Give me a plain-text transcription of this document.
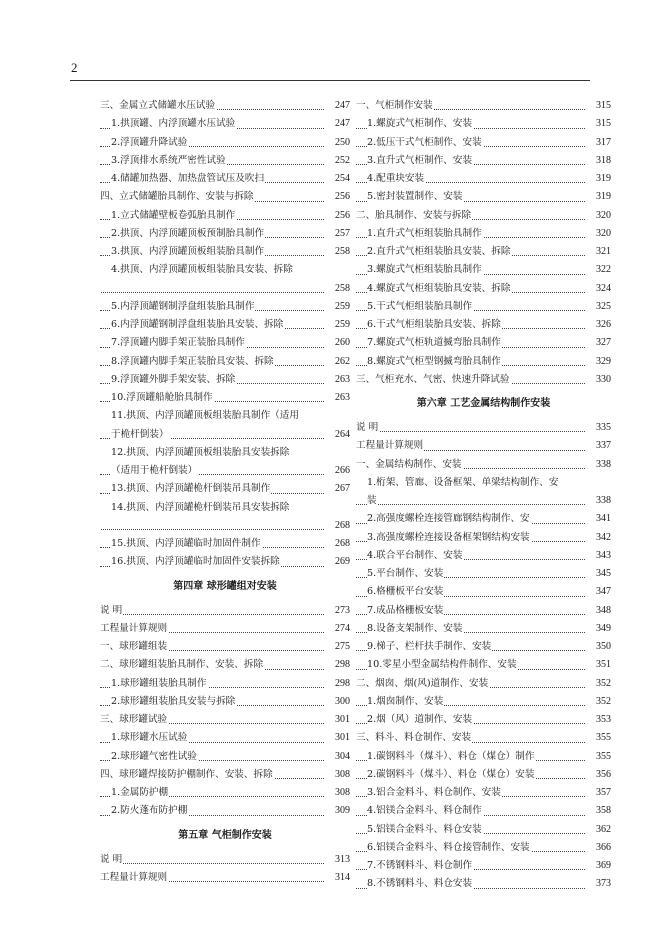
2
三、金属立式储罐水压试验	247
1.拱顶罐、内浮顶罐水压试验	247
2.浮顶罐升降试验	250
3.浮顶排水系统严密性试验	252
4.储罐加热器、加热盘管试压及吹扫	254
四、立式储罐胎具制作、安装与拆除	256
1.立式储罐壁板卷弧胎具制作	256
2.拱顶、内浮顶罐顶板预制胎具制作	257
3.拱顶、内浮顶罐顶板组装胎具制作	258
4.拱顶、内浮顶罐顶板组装胎具安装、拆除
258
5.内浮顶罐钢制浮盘组装胎具制作	259
6.内浮顶罐钢制浮盘组装胎具安装、拆除	259
7.浮顶罐内脚手架正装胎具制作	260
8.浮顶罐内脚手架正装胎具安装、拆除	262
9.浮顶罐外脚手架安装、拆除	263
10.浮顶罐船舱胎具制作	263
11.拱顶、内浮顶罐顶板组装胎具制作（适用
于桅杆倒装）	264
12.拱顶、内浮顶罐顶板组装胎具安装拆除
（适用于桅杆倒装）	266
13.拱顶、内浮顶罐桅杆倒装吊具制作	267
14.拱顶、内浮顶罐桅杆倒装吊具安装拆除
268
15.拱顶、内浮顶罐临时加固件制作	268
16.拱顶、内浮顶罐临时加固件安装拆除	269
第四章 球形罐组对安装
说 明	273
工程量计算规则	274
一、球形罐组装	275
二、球形罐组装胎具制作、安装、拆除	298
1.球形罐组装胎具制作	298
2.球形罐组装胎具安装与拆除	300
三、球形罐试验	301
1.球形罐水压试验	301
2.球形罐气密性试验	304
四、球形罐焊接防护棚制作、安装、拆除	308
1.金属防护棚	308
2.防火蓬布防护棚	309
第五章 气柜制作安装
说 明	313
工程量计算规则	314
一、气柜制作安装	315
1.螺旋式气柜制作、安装	315
2.低压干式气柜制作、安装	317
3.直升式气柜制作、安装	318
4.配重块安装	319
5.密封装置制作、安装	319
二、胎具制作、安装与拆除	320
1.直升式气柜组装胎具制作	320
2.直升式气柜组装胎具安装、拆除	321
3.螺旋式气柜组装胎具制作	322
4.螺旋式气柜组装胎具安装、拆除	324
5.干式气柜组装胎具制作	325
6.干式气柜组装胎具安装、拆除	326
7.螺旋式气柜轨道揻弯胎具制作	327
8.螺旋式气柜型钢揻弯胎具制作	329
三、气柜充水、气密、快速升降试验	330
第六章 工艺金属结构制作安装
说 明	335
工程量计算规则	337
一、金属结构制作、安装	338
1.桁架、管廊、设备框架、单梁结构制作、安
装	338
2.高强度螺栓连接管廊钢结构制作、安	341
3.高强度螺栓连接设备框架钢结构安装	342
4.联合平台制作、安装	343
5.平台制作、安装	345
6.格栅板平台安装	347
7.成品格栅板安装	348
8.设备支架制作、安装	349
9.梯子、栏杆扶手制作、安装	350
10.零星小型金属结构件制作、安装	351
二、烟囱、烟(风)道制作、安装	352
1.烟囱制作、安装	352
2.烟（风）道制作、安装	353
三、料斗、料仓制作、安装	355
1.碳钢料斗（煤斗）、料仓（煤仓）制作	355
2.碳钢料斗（煤斗）、料仓（煤仓）安装	356
3.铝合金料斗、料仓制作、安装	357
4.铝镁合金料斗、料仓制作	358
5.铝镁合金料斗、料仓安装	362
6.铝镁合金料斗、料仓接管制作、安装	366
7.不锈钢料斗、料仓制作	369
8.不锈钢料斗、料仓安装	373
